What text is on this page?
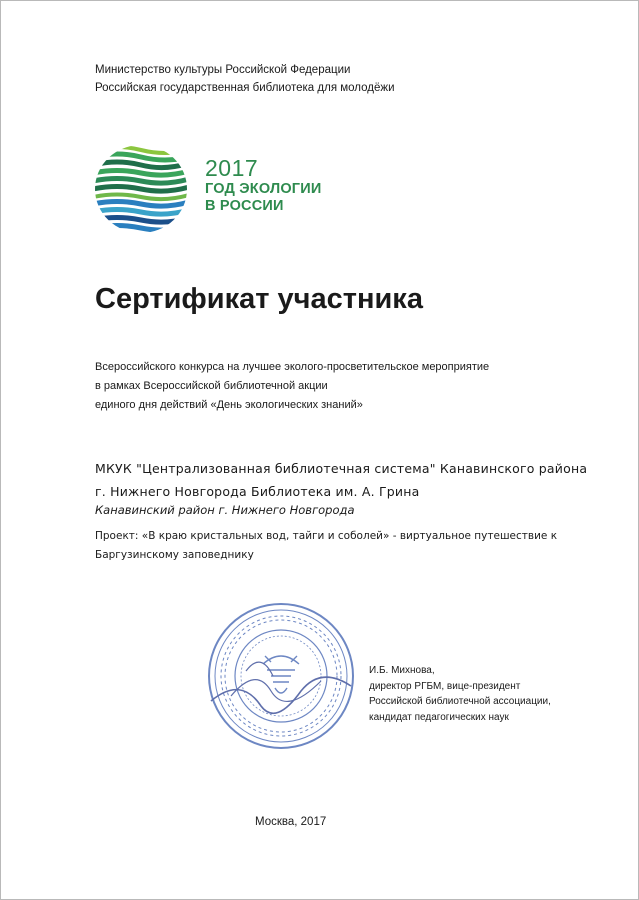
Министерство культуры Российской Федерации
Российская государственная библиотека для молодёжи
2017
ГОД ЭКОЛОГИИ
В РОССИИ
Сертификат участника
Всероссийского конкурса на лучшее эколого-просветительское мероприятие
в рамках Всероссийской библиотечной акции
единого дня действий «День экологических знаний»
МКУК "Централизованная библиотечная система" Канавинского района
г. Нижнего Новгорода Библиотека им. А. Грина
Канавинский район г. Нижнего Новгорода
Проект: «В краю кристальных вод, тайги и соболей» - виртуальное путешествие к
Баргузинскому заповеднику
И.Б. Михнова,
директор РГБМ, вице-президент
Российской библиотечной ассоциации,
кандидат педагогических наук
Москва, 2017
